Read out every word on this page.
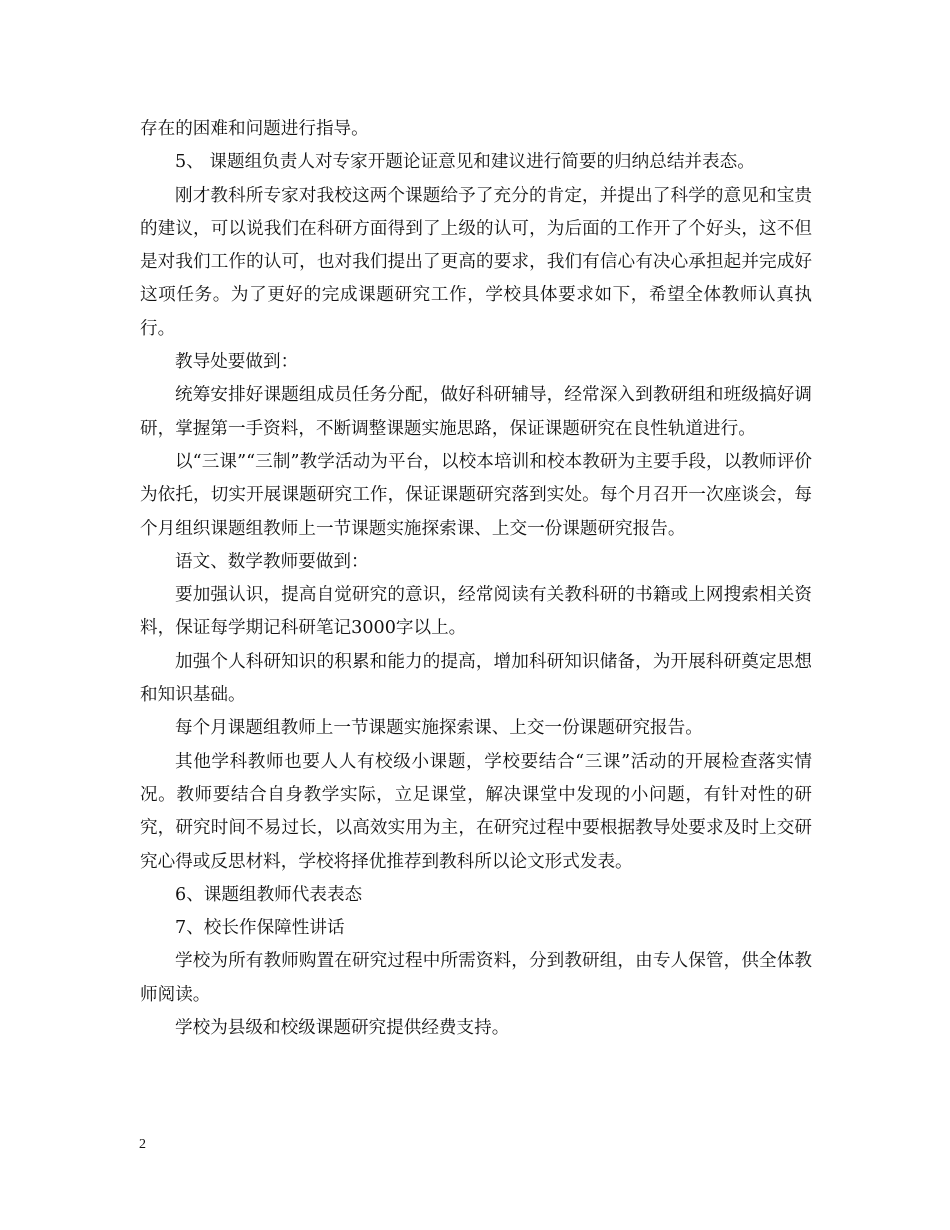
存在的困难和问题进行指导。

5、 课题组负责人对专家开题论证意见和建议进行简要的归纳总结并表态。

刚才教科所专家对我校这两个课题给予了充分的肯定，并提出了科学的意见和宝贵的建议，可以说我们在科研方面得到了上级的认可，为后面的工作开了个好头，这不但是对我们工作的认可，也对我们提出了更高的要求，我们有信心有决心承担起并完成好这项任务。为了更好的完成课题研究工作，学校具体要求如下，希望全体教师认真执行。

教导处要做到：

统筹安排好课题组成员任务分配，做好科研辅导，经常深入到教研组和班级搞好调研，掌握第一手资料，不断调整课题实施思路，保证课题研究在良性轨道进行。

以“三课”“三制”教学活动为平台，以校本培训和校本教研为主要手段，以教师评价为依托，切实开展课题研究工作，保证课题研究落到实处。每个月召开一次座谈会，每个月组织课题组教师上一节课题实施探索课、上交一份课题研究报告。

语文、数学教师要做到：

要加强认识，提高自觉研究的意识，经常阅读有关教科研的书籍或上网搜索相关资料，保证每学期记科研笔记3000字以上。

加强个人科研知识的积累和能力的提高，增加科研知识储备，为开展科研奠定思想和知识基础。

每个月课题组教师上一节课题实施探索课、上交一份课题研究报告。

其他学科教师也要人人有校级小课题，学校要结合“三课”活动的开展检查落实情况。教师要结合自身教学实际，立足课堂，解决课堂中发现的小问题，有针对性的研究，研究时间不易过长，以高效实用为主，在研究过程中要根据教导处要求及时上交研究心得或反思材料，学校将择优推荐到教科所以论文形式发表。

6、课题组教师代表表态

7、校长作保障性讲话

学校为所有教师购置在研究过程中所需资料，分到教研组，由专人保管，供全体教师阅读。

学校为县级和校级课题研究提供经费支持。

2
